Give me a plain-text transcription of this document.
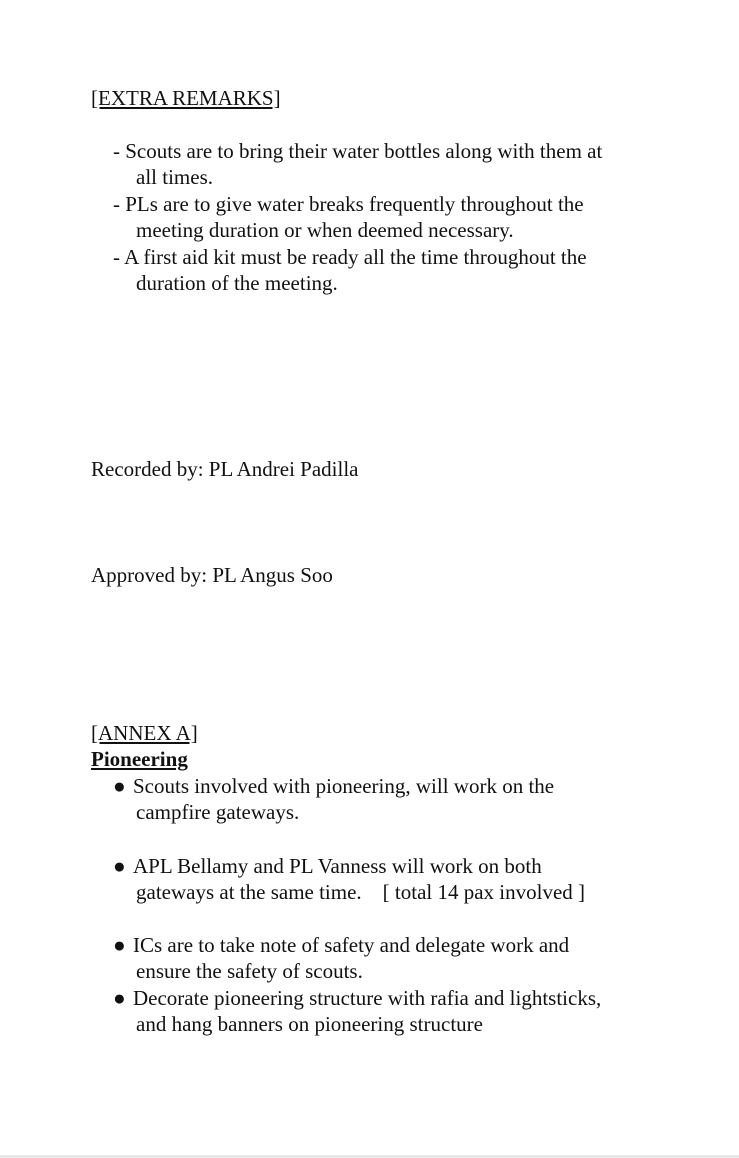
[EXTRA REMARKS]
- Scouts are to bring their water bottles along with them at
all times.
- PLs are to give water breaks frequently throughout the
meeting duration or when deemed necessary.
- A first aid kit must be ready all the time throughout the
duration of the meeting.
Recorded by: PL Andrei Padilla
Approved by: PL Angus Soo
[ANNEX A]
Pioneering
● Scouts involved with pioneering, will work on the
campfire gateways.
● APL Bellamy and PL Vanness will work on both
gateways at the same time.    [ total 14 pax involved ]
● ICs are to take note of safety and delegate work and
ensure the safety of scouts.
● Decorate pioneering structure with rafia and lightsticks,
and hang banners on pioneering structure
